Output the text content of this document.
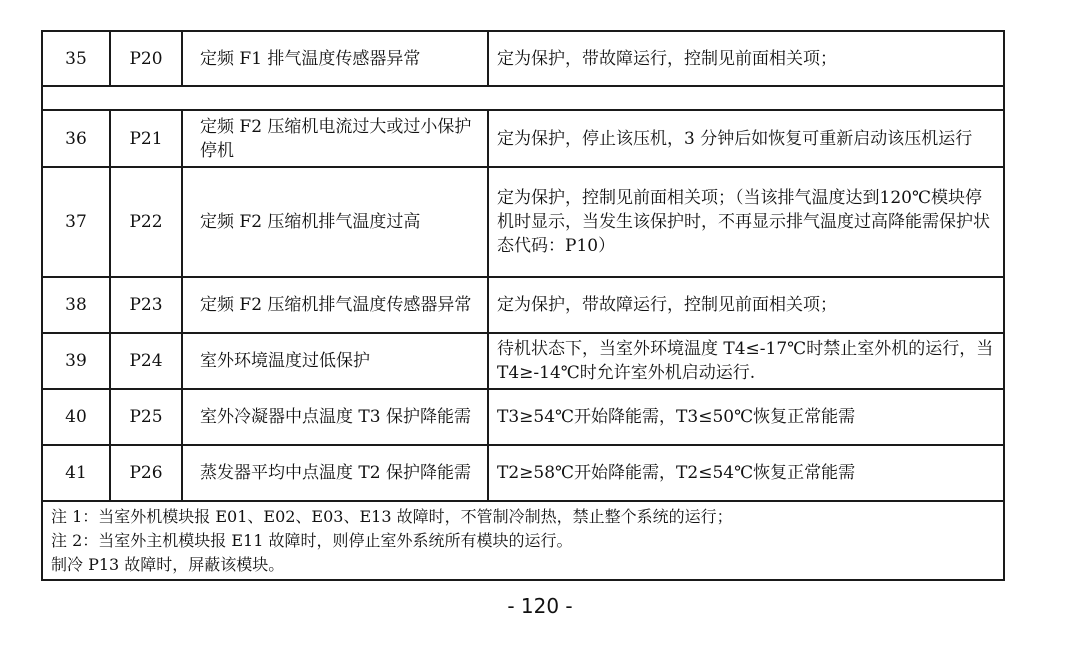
35	P20	定频 F1 排气温度传感器异常	定为保护，带故障运行，控制见前面相关项；

36	P21	定频 F2 压缩机电流过大或过小保护停机	定为保护，停止该压机，3 分钟后如恢复可重新启动该压机运行
37	P22	定频 F2 压缩机排气温度过高	定为保护，控制见前面相关项；（当该排气温度达到120℃模块停机时显示，当发生该保护时，不再显示排气温度过高降能需保护状态代码：P10）
38	P23	定频 F2 压缩机排气温度传感器异常	定为保护，带故障运行，控制见前面相关项；
39	P24	室外环境温度过低保护	待机状态下，当室外环境温度 T4≤-17℃时禁止室外机的运行，当 T4≥-14℃时允许室外机启动运行.
40	P25	室外冷凝器中点温度 T3 保护降能需	T3≥54℃开始降能需，T3≤50℃恢复正常能需
41	P26	蒸发器平均中点温度 T2 保护降能需	T2≥58℃开始降能需，T2≤54℃恢复正常能需

注 1：当室外机模块报 E01、E02、E03、E13 故障时，不管制冷制热，禁止整个系统的运行；
注 2：当室外主机模块报 E11 故障时，则停止室外系统所有模块的运行。
制冷 P13 故障时，屏蔽该模块。			
- 120 -
